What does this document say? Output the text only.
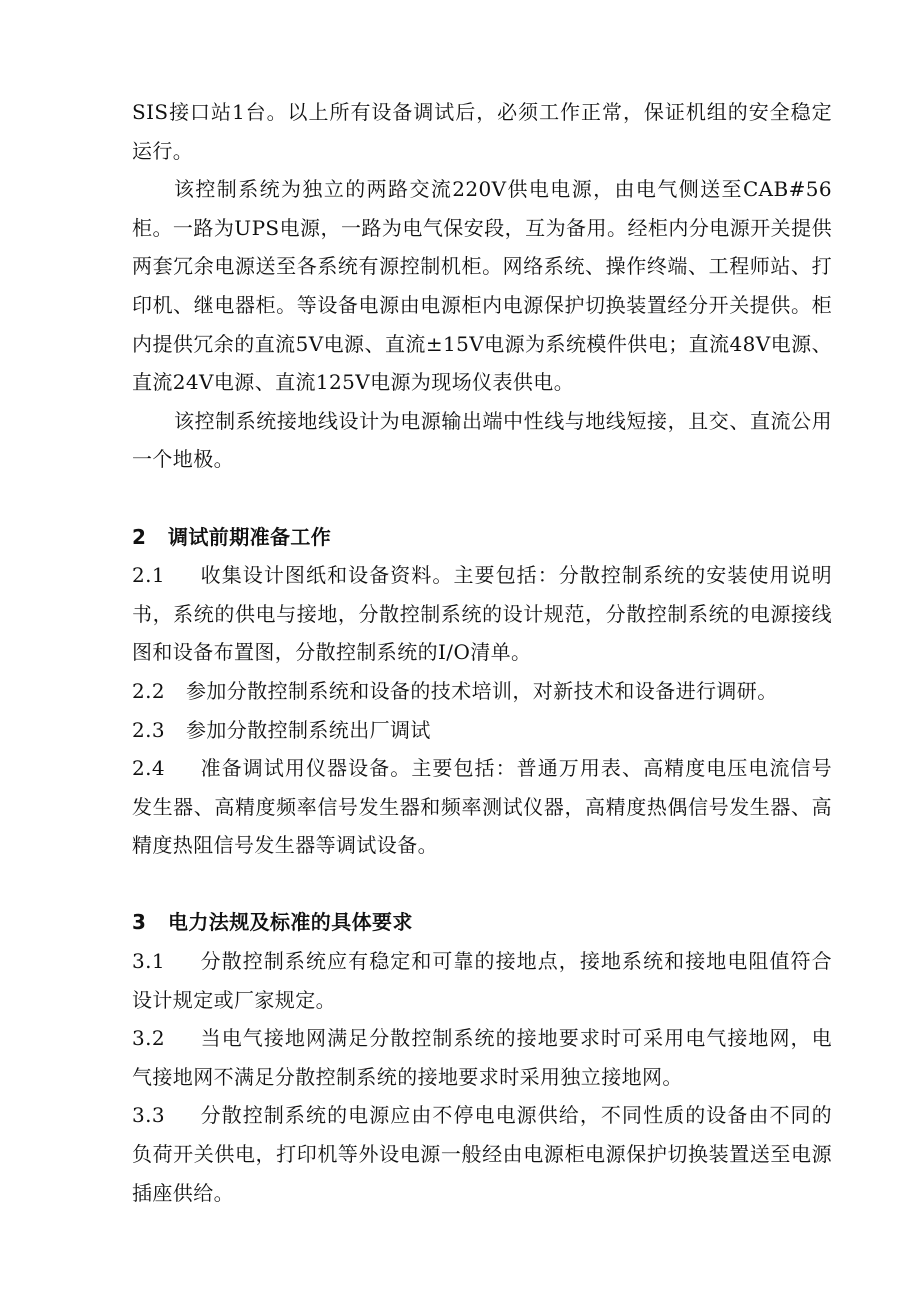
SIS接口站1台。以上所有设备调试后，必须工作正常，保证机组的安全稳定运行。

该控制系统为独立的两路交流220V供电电源，由电气侧送至CAB#56柜。一路为UPS电源，一路为电气保安段，互为备用。经柜内分电源开关提供两套冗余电源送至各系统有源控制机柜。网络系统、操作终端、工程师站、打印机、继电器柜。等设备电源由电源柜内电源保护切换装置经分开关提供。柜内提供冗余的直流5V电源、直流±15V电源为系统模件供电；直流48V电源、直流24V电源、直流125V电源为现场仪表供电。

该控制系统接地线设计为电源输出端中性线与地线短接，且交、直流公用一个地极。

2 调试前期准备工作

2.1 收集设计图纸和设备资料。主要包括：分散控制系统的安装使用说明书，系统的供电与接地，分散控制系统的设计规范，分散控制系统的电源接线图和设备布置图，分散控制系统的I/O清单。

2.2 参加分散控制系统和设备的技术培训，对新技术和设备进行调研。

2.3 参加分散控制系统出厂调试

2.4 准备调试用仪器设备。主要包括：普通万用表、高精度电压电流信号发生器、高精度频率信号发生器和频率测试仪器，高精度热偶信号发生器、高精度热阻信号发生器等调试设备。

3 电力法规及标准的具体要求

3.1 分散控制系统应有稳定和可靠的接地点，接地系统和接地电阻值符合设计规定或厂家规定。

3.2 当电气接地网满足分散控制系统的接地要求时可采用电气接地网，电气接地网不满足分散控制系统的接地要求时采用独立接地网。

3.3 分散控制系统的电源应由不停电电源供给，不同性质的设备由不同的负荷开关供电，打印机等外设电源一般经由电源柜电源保护切换装置送至电源插座供给。
